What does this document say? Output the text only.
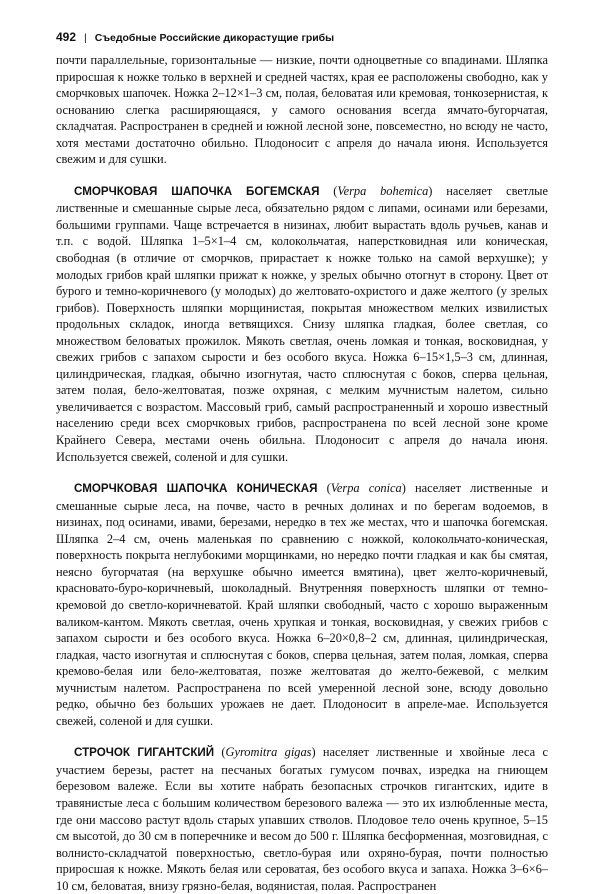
492 | Съедобные Российские дикорастущие грибы

почти параллельные, горизонтальные — низкие, почти одноцветные со впадинами. Шляпка приросшая к ножке только в верхней и средней частях, края ее расположены свободно, как у сморчковых шапочек. Ножка 2–12×1–3 см, полая, беловатая или кремовая, тонкозернистая, к основанию слегка расширяющаяся, у самого основания всегда ямчато-бугорчатая, складчатая. Распространен в средней и южной лесной зоне, повсеместно, но всюду не часто, хотя местами достаточно обильно. Плодоносит с апреля до начала июня. Используется свежим и для сушки.

СМОРЧКОВАЯ ШАПОЧКА БОГЕМСКАЯ (Verpa bohemica) населяет светлые лиственные и смешанные сырые леса, обязательно рядом с липами, осинами или березами, большими группами. Чаще встречается в низинах, любит вырастать вдоль ручьев, канав и т.п. с водой. Шляпка 1–5×1–4 см, колокольчатая, наперстковидная или коническая, свободная (в отличие от сморчков, прирастает к ножке только на самой верхушке); у молодых грибов край шляпки прижат к ножке, у зрелых обычно отогнут в сторону. Цвет от бурого и темно-коричневого (у молодых) до желтовато-охристого и даже желтого (у зрелых грибов). Поверхность шляпки морщинистая, покрытая множеством мелких извилистых продольных складок, иногда ветвящихся. Снизу шляпка гладкая, более светлая, со множеством беловатых прожилок. Мякоть светлая, очень ломкая и тонкая, восковидная, у свежих грибов с запахом сырости и без особого вкуса. Ножка 6–15×1,5–3 см, длинная, цилиндрическая, гладкая, обычно изогнутая, часто сплюснутая с боков, сперва цельная, затем полая, бело-желтоватая, позже охряная, с мелким мучнистым налетом, сильно увеличивается с возрастом. Массовый гриб, самый распространенный и хорошо известный населению среди всех сморчковых грибов, распространена по всей лесной зоне кроме Крайнего Севера, местами очень обильна. Плодоносит с апреля до начала июня. Используется свежей, соленой и для сушки.

СМОРЧКОВАЯ ШАПОЧКА КОНИЧЕСКАЯ (Verpa conica) населяет лиственные и смешанные сырые леса, на почве, часто в речных долинах и по берегам водоемов, в низинах, под осинами, ивами, березами, нередко в тех же местах, что и шапочка богемская. Шляпка 2–4 см, очень маленькая по сравнению с ножкой, колокольчато-коническая, поверхность покрыта неглубокими морщинками, но нередко почти гладкая и как бы смятая, неясно бугорчатая (на верхушке обычно имеется вмятина), цвет желто-коричневый, красновато-буро-коричневый, шоколадный. Внутренняя поверхность шляпки от темно-кремовой до светло-коричневатой. Край шляпки свободный, часто с хорошо выраженным валиком-кантом. Мякоть светлая, очень хрупкая и тонкая, восковидная, у свежих грибов с запахом сырости и без особого вкуса. Ножка 6–20×0,8–2 см, длинная, цилиндрическая, гладкая, часто изогнутая и сплюснутая с боков, сперва цельная, затем полая, ломкая, сперва кремово-белая или бело-желтоватая, позже желтоватая до желто-бежевой, с мелким мучнистым налетом. Распространена по всей умеренной лесной зоне, всюду довольно редко, обычно без больших урожаев не дает. Плодоносит в апреле-мае. Используется свежей, соленой и для сушки.

СТРОЧОК ГИГАНТСКИЙ (Gyromitra gigas) населяет лиственные и хвойные леса с участием березы, растет на песчаных богатых гумусом почвах, изредка на гниющем березовом валеже. Если вы хотите набрать безопасных строчков гигантских, идите в травянистые леса с большим количеством березового валежа — это их излюбленные места, где они массово растут вдоль старых упавших стволов. Плодовое тело очень крупное, 5–15 см высотой, до 30 см в поперечнике и весом до 500 г. Шляпка бесформенная, мозговидная, с волнисто-складчатой поверхностью, светло-бурая или охряно-бурая, почти полностью приросшая к ножке. Мякоть белая или сероватая, без особого вкуса и запаха. Ножка 3–6×6–10 см, беловатая, внизу грязно-белая, водянистая, полая. Распространен
